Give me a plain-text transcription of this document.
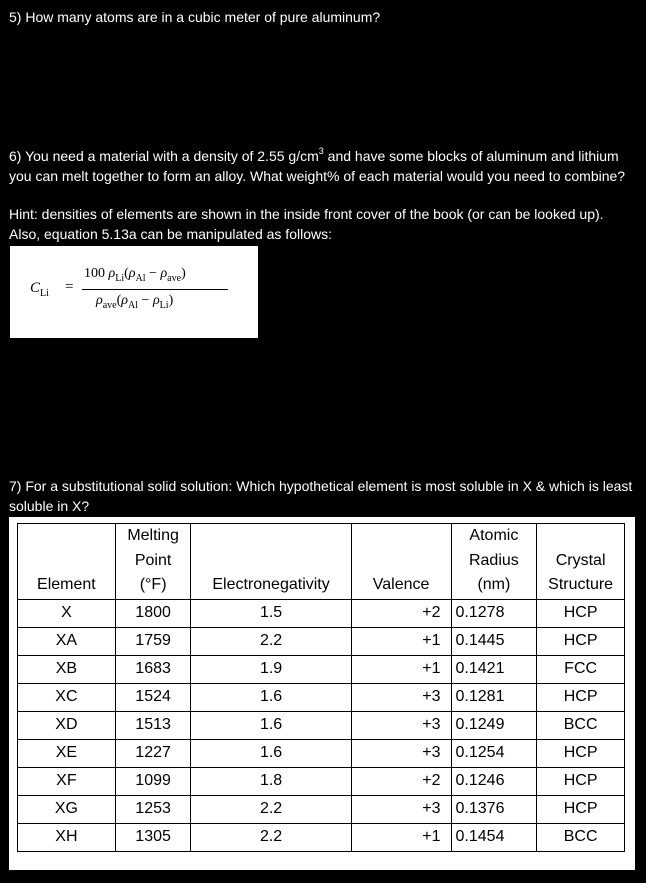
5) How many atoms are in a cubic meter of pure aluminum?
6) You need a material with a density of 2.55 $g/cm^3$ and have some blocks of aluminum and lithium you can melt together to form an alloy. What weight% of each material would you need to combine?
Hint: densities of elements are shown in the inside front cover of the book (or can be looked up). Also, equation 5.13a can be manipulated as follows:
$C_{Li}$ =
100 $\rho_{Li}(\rho_{Al} - \rho_{ave})$
$\rho_{ave}(\rho_{Al} - \rho_{Li})$
7) For a substitutional solid solution: Which hypothetical element is most soluble in X & which is least soluble in X?
Element	Melting
Point
(°F)	Electronegativity	Valence	Atomic
Radius
(nm)	Crystal
Structure
X	1800	1.5	+2	0.1278	HCP
XA	1759	2.2	+1	0.1445	HCP
XB	1683	1.9	+1	0.1421	FCC
XC	1524	1.6	+3	0.1281	HCP
XD	1513	1.6	+3	0.1249	BCC
XE	1227	1.6	+3	0.1254	HCP
XF	1099	1.8	+2	0.1246	HCP
XG	1253	2.2	+3	0.1376	HCP
XH	1305	2.2	+1	0.1454	BCC
